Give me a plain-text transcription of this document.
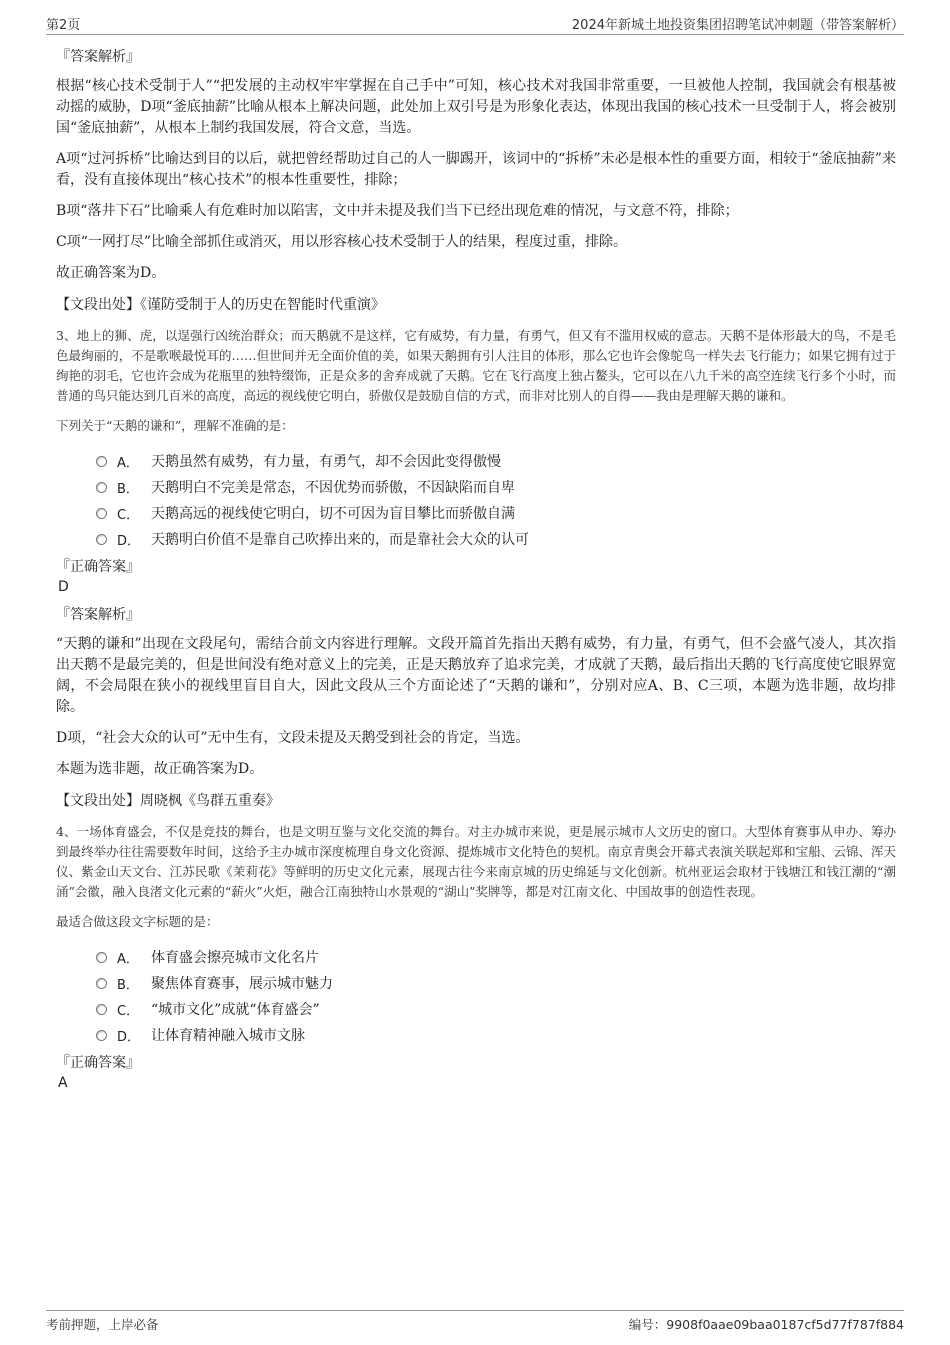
第2页	2024年新城土地投资集团招聘笔试冲刺题（带答案解析）
『答案解析』

根据“核心技术受制于人”“把发展的主动权牢牢掌握在自己手中”可知，核心技术对我国非常重要，一旦被他人控制，我国就会有根基被动摇的威胁，D项“釜底抽薪”比喻从根本上解决问题，此处加上双引号是为形象化表达，体现出我国的核心技术一旦受制于人，将会被别国“釜底抽薪”，从根本上制约我国发展，符合文意，当选。

A项“过河拆桥”比喻达到目的以后，就把曾经帮助过自己的人一脚踢开，该词中的“拆桥”未必是根本性的重要方面，相较于“釜底抽薪”来看，没有直接体现出“核心技术”的根本性重要性，排除；

B项“落井下石”比喻乘人有危难时加以陷害，文中并未提及我们当下已经出现危难的情况，与文意不符，排除；

C项“一网打尽”比喻全部抓住或消灭，用以形容核心技术受制于人的结果，程度过重，排除。

故正确答案为D。

【文段出处】《谨防受制于人的历史在智能时代重演》

3、地上的狮、虎，以逞强行凶统治群众；而天鹅就不是这样，它有威势，有力量，有勇气，但又有不滥用权威的意志。天鹅不是体形最大的鸟，不是毛色最绚丽的，不是歌喉最悦耳的……但世间并无全面价值的美，如果天鹅拥有引人注目的体形，那么它也许会像鸵鸟一样失去飞行能力；如果它拥有过于绚艳的羽毛，它也许会成为花瓶里的独特缀饰，正是众多的舍弃成就了天鹅。它在飞行高度上独占鳌头，它可以在八九千米的高空连续飞行多个小时，而普通的鸟只能达到几百米的高度，高远的视线使它明白，骄傲仅是鼓励自信的方式，而非对比别人的自得——我由是理解天鹅的谦和。

下列关于“天鹅的谦和”，理解不准确的是：

A． 天鹅虽然有威势，有力量，有勇气，却不会因此变得傲慢
B． 天鹅明白不完美是常态，不因优势而骄傲，不因缺陷而自卑
C． 天鹅高远的视线使它明白，切不可因为盲目攀比而骄傲自满
D． 天鹅明白价值不是靠自己吹捧出来的，而是靠社会大众的认可
『正确答案』
D
『答案解析』

“天鹅的谦和”出现在文段尾句，需结合前文内容进行理解。文段开篇首先指出天鹅有威势，有力量，有勇气，但不会盛气凌人，其次指出天鹅不是最完美的，但是世间没有绝对意义上的完美，正是天鹅放弃了追求完美，才成就了天鹅，最后指出天鹅的飞行高度使它眼界宽阔，不会局限在狭小的视线里盲目自大，因此文段从三个方面论述了“天鹅的谦和”，分别对应A、B、C三项，本题为选非题，故均排除。

D项，“社会大众的认可”无中生有，文段未提及天鹅受到社会的肯定，当选。

本题为选非题，故正确答案为D。

【文段出处】周晓枫《鸟群五重奏》

4、一场体育盛会，不仅是竞技的舞台，也是文明互鉴与文化交流的舞台。对主办城市来说，更是展示城市人文历史的窗口。大型体育赛事从申办、筹办到最终举办往往需要数年时间，这给予主办城市深度梳理自身文化资源、提炼城市文化特色的契机。南京青奥会开幕式表演关联起郑和宝船、云锦、浑天仪、紫金山天文台、江苏民歌《茉莉花》等鲜明的历史文化元素，展现古往今来南京城的历史绵延与文化创新。杭州亚运会取材于钱塘江和钱江潮的“潮涌”会徽，融入良渚文化元素的“薪火”火炬，融合江南独特山水景观的“湖山”奖牌等，都是对江南文化、中国故事的创造性表现。

最适合做这段文字标题的是：

A． 体育盛会擦亮城市文化名片
B． 聚焦体育赛事，展示城市魅力
C． “城市文化”成就“体育盛会”
D． 让体育精神融入城市文脉
『正确答案』
A
考前押题，上岸必备	编号：9908f0aae09baa0187cf5d77f787f884
